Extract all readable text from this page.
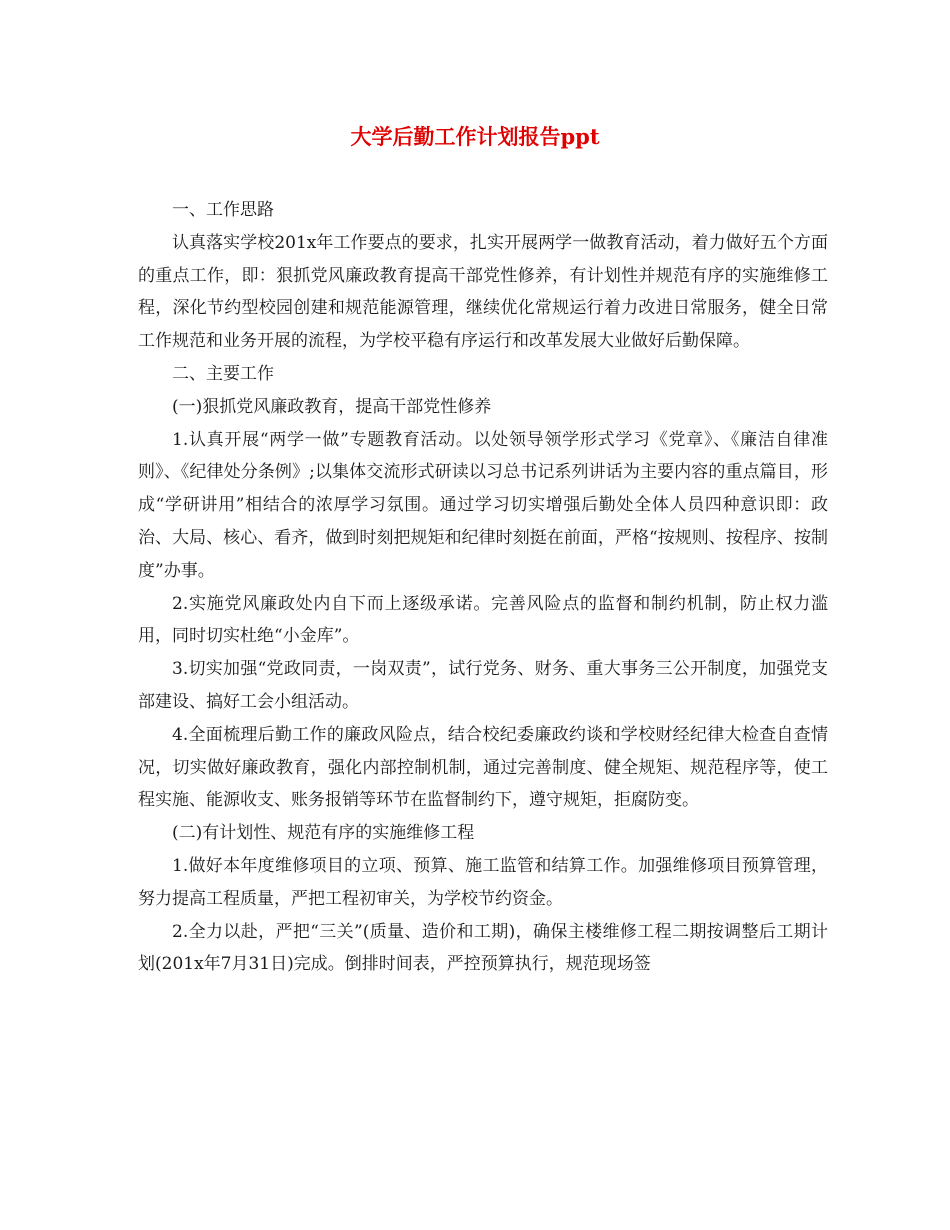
大学后勤工作计划报告ppt

一、工作思路

认真落实学校201x年工作要点的要求，扎实开展两学一做教育活动，着力做好五个方面的重点工作，即：狠抓党风廉政教育提高干部党性修养，有计划性并规范有序的实施维修工程，深化节约型校园创建和规范能源管理，继续优化常规运行着力改进日常服务，健全日常工作规范和业务开展的流程，为学校平稳有序运行和改革发展大业做好后勤保障。

二、主要工作

(一)狠抓党风廉政教育，提高干部党性修养

1.认真开展“两学一做”专题教育活动。以处领导领学形式学习《党章》、《廉洁自律准则》、《纪律处分条例》;以集体交流形式研读以习总书记系列讲话为主要内容的重点篇目，形成“学研讲用”相结合的浓厚学习氛围。通过学习切实增强后勤处全体人员四种意识即：政治、大局、核心、看齐，做到时刻把规矩和纪律时刻挺在前面，严格“按规则、按程序、按制度”办事。

2.实施党风廉政处内自下而上逐级承诺。完善风险点的监督和制约机制，防止权力滥用，同时切实杜绝“小金库”。

3.切实加强“党政同责，一岗双责”，试行党务、财务、重大事务三公开制度，加强党支部建设、搞好工会小组活动。

4.全面梳理后勤工作的廉政风险点，结合校纪委廉政约谈和学校财经纪律大检查自查情况，切实做好廉政教育，强化内部控制机制，通过完善制度、健全规矩、规范程序等，使工程实施、能源收支、账务报销等环节在监督制约下，遵守规矩，拒腐防变。

(二)有计划性、规范有序的实施维修工程

1.做好本年度维修项目的立项、预算、施工监管和结算工作。加强维修项目预算管理，努力提高工程质量，严把工程初审关，为学校节约资金。

2.全力以赴，严把“三关”(质量、造价和工期)，确保主楼维修工程二期按调整后工期计划(201x年7月31日)完成。倒排时间表，严控预算执行，规范现场签
